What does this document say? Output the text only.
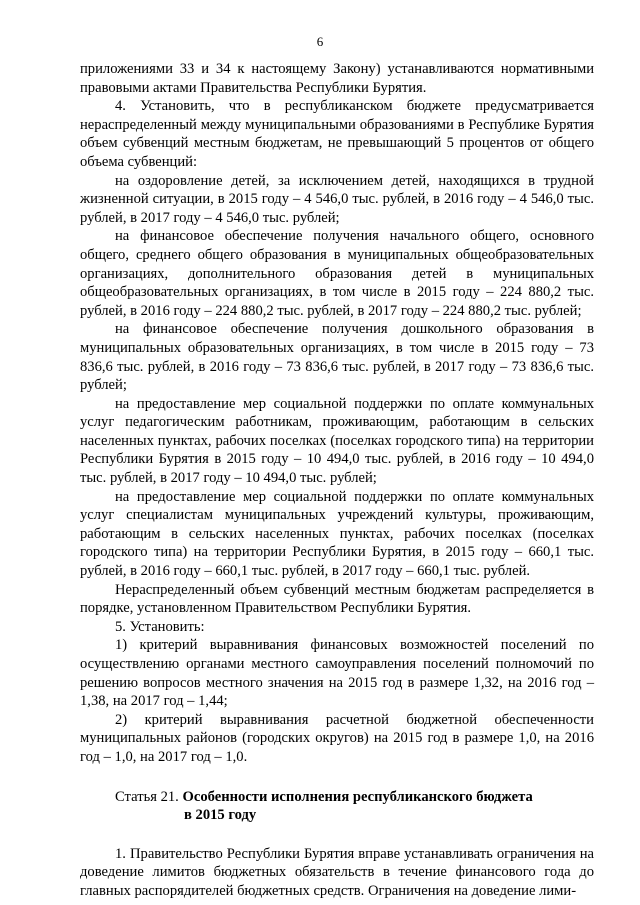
6

приложениями 33 и 34 к настоящему Закону) устанавливаются нормативными правовыми актами Правительства Республики Бурятия.

4. Установить, что в республиканском бюджете предусматривается нераспределенный между муниципальными образованиями в Республике Бурятия объем субвенций местным бюджетам, не превышающий 5 процентов от общего объема субвенций:

на оздоровление детей, за исключением детей, находящихся в трудной жизненной ситуации, в 2015 году – 4 546,0 тыс. рублей, в 2016 году – 4 546,0 тыс. рублей, в 2017 году – 4 546,0 тыс. рублей;

на финансовое обеспечение получения начального общего, основного общего, среднего общего образования в муниципальных общеобразовательных организациях, дополнительного образования детей в муниципальных общеобразовательных организациях, в том числе в 2015 году – 224 880,2 тыс. рублей, в 2016 году – 224 880,2 тыс. рублей, в 2017 году – 224 880,2 тыс. рублей;

на финансовое обеспечение получения дошкольного образования в муниципальных образовательных организациях, в том числе в 2015 году – 73 836,6 тыс. рублей, в 2016 году – 73 836,6 тыс. рублей, в 2017 году – 73 836,6 тыс. рублей;

на предоставление мер социальной поддержки по оплате коммунальных услуг педагогическим работникам, проживающим, работающим в сельских населенных пунктах, рабочих поселках (поселках городского типа) на территории Республики Бурятия в 2015 году – 10 494,0 тыс. рублей, в 2016 году – 10 494,0 тыс. рублей, в 2017 году – 10 494,0 тыс. рублей;

на предоставление мер социальной поддержки по оплате коммунальных услуг специалистам муниципальных учреждений культуры, проживающим, работающим в сельских населенных пунктах, рабочих поселках (поселках городского типа) на территории Республики Бурятия, в 2015 году – 660,1 тыс. рублей, в 2016 году – 660,1 тыс. рублей, в 2017 году – 660,1 тыс. рублей.

Нераспределенный объем субвенций местным бюджетам распределяется в порядке, установленном Правительством Республики Бурятия.

5. Установить:

1) критерий выравнивания финансовых возможностей поселений по осуществлению органами местного самоуправления поселений полномочий по решению вопросов местного значения на 2015 год в размере 1,32, на 2016 год – 1,38, на 2017 год – 1,44;

2) критерий выравнивания расчетной бюджетной обеспеченности муниципальных районов (городских округов) на 2015 год в размере 1,0, на 2016 год – 1,0, на 2017 год – 1,0.

Статья 21. Особенности исполнения республиканского бюджета
в 2015 году

1. Правительство Республики Бурятия вправе устанавливать ограничения на доведение лимитов бюджетных обязательств в течение финансового года до главных распорядителей бюджетных средств. Ограничения на доведение лими-
